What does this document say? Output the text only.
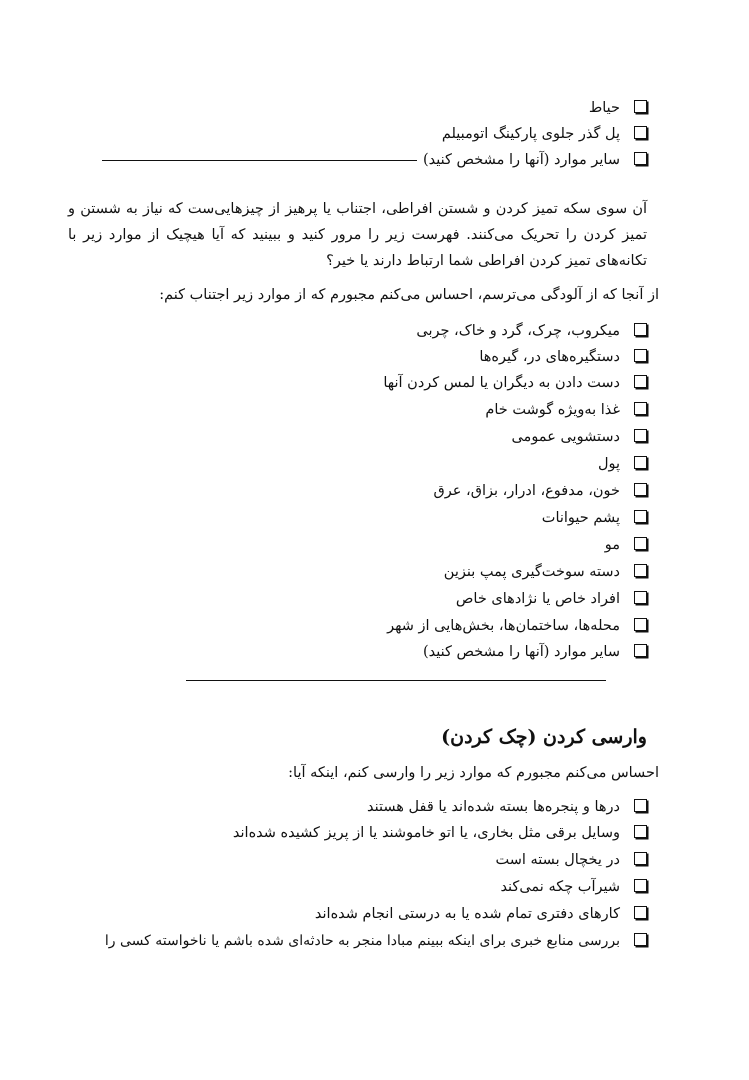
حیاط
پل گذر جلوی پارکینگ اتومبیلم
سایر موارد (آنها را مشخص کنید)
آن سوی سکه تمیز کردن و شستن افراطی، اجتناب یا پرهیز از چیزهایی‌ست که نیاز به شستن و
تمیز کردن را تحریک می‌کنند. فهرست زیر را مرور کنید و ببینید که آیا هیچیک از موارد زیر با
تکانه‌های تمیز کردن افراطی شما ارتباط دارند یا خیر؟
از آنجا که از آلودگی می‌ترسم، احساس می‌کنم مجبورم که از موارد زیر اجتناب کنم:
میکروب، چرک، گرد و خاک، چربی
دستگیره‌های در، گیره‌ها
دست دادن به دیگران یا لمس کردن آنها
غذا به‌ویژه گوشت خام
دستشویی عمومی
پول
خون، مدفوع، ادرار، بزاق، عرق
پشم حیوانات
مو
دسته سوخت‌گیری پمپ بنزین
افراد خاص یا نژادهای خاص
محله‌ها، ساختمان‌ها، بخش‌هایی از شهر
سایر موارد (آنها را مشخص کنید)
وارسی کردن (چک کردن)
احساس می‌کنم مجبورم که موارد زیر را وارسی کنم، اینکه آیا:
درها و پنجره‌ها بسته شده‌اند یا قفل هستند
وسایل برقی مثل بخاری، یا اتو خاموشند یا از پریز کشیده شده‌اند
در یخچال بسته است
شیرآب چکه نمی‌کند
کارهای دفتری تمام شده یا به درستی انجام شده‌اند
بررسی منابع خبری برای اینکه ببینم مبادا منجر به حادثه‌ای شده باشم یا ناخواسته کسی را
